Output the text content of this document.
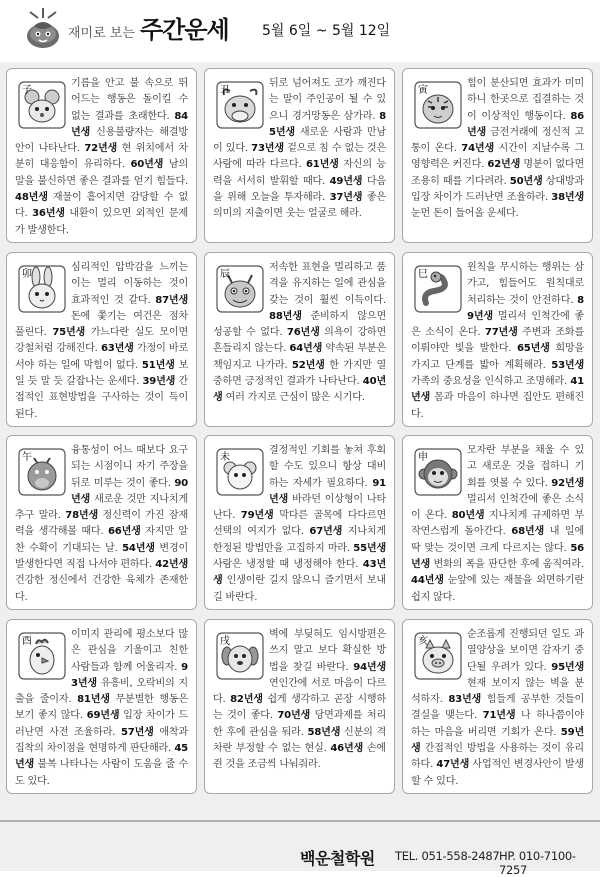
재미로 보는 주간운세 5월 6일 ~ 5월 12일
子
기름을 안고 불 속으로 뛰어드는 행동은 돌이킬 수 없는 결과를 초래한다. 84년생 신용불량자는 해결방안이 나타난다. 72년생 현 위치에서 차분히 대응함이 유리하다. 60년생 남의 말을 불신하면 좋은 결과를 얻기 힘들다. 48년생 재물이 흩어지면 감당할 수 없다. 36년생 내환이 있으면 외적인 문제가 발생한다.
丑
뒤로 넘어져도 코가 깨진다는 말이 주인공이 될 수 있으니 경거망동은 삼가라. 85년생 새로운 사람과 만남이 있다. 73년생 겉으로 침 수 없는 것은 사람에 따라 다르다. 61년생 자신의 능력을 서서히 발휘할 때다. 49년생 다음을 위해 오늘을 투자해라. 37년생 좋은 의미의 지출이면 웃는 얼굴로 해라.
寅
힘이 분산되면 효과가 미미하니 한곳으로 집결하는 것이 이상적인 행동이다. 86년생 금전거래에 정신적 고통이 온다. 74년생 시간이 지날수록 그 영향력은 커진다. 62년생 명분이 없다면 조용히 때를 기다려라. 50년생 상대방과 입장 차이가 드러난면 조율하라. 38년생 눈먼 돈이 들어올 운세다.
卯
심리적인 압박감을 느끼는 이는 멀리 이동하는 것이 효과적인 것 같다. 87년생 돈에 쫓기는 여건은 점차 풀린다. 75년생 가느다란 실도 모이면 강철처럼 강해진다. 63년생 가정이 바로서야 하는 일에 막힘이 없다. 51년생 보일 듯 말 듯 갈잡나는 운세다. 39년생 간접적인 표현방법을 구사하는 것이 득이 된다.
辰
저속한 표현을 멀리하고 품격을 유지하는 일에 관심을 갖는 것이 훨씬 이득이다. 88년생 준비하지 않으면 성공할 수 없다. 76년생 의욕이 강하면 흔들리지 않는다. 64년생 약속된 부분은 책임지고 나가라. 52년생 한 가지만 열중하면 긍정적인 결과가 나타난다. 40년생 여러 가지로 근심이 많은 시기다.
巳
윈칙을 무시하는 행위는 삼가고, 힘들어도 원칙대로 처리하는 것이 안전하다. 89년생 멀리서 인척간에 좋은 소식이 온다. 77년생 주변과 조화를 이뤄야만 빛을 발한다. 65년생 희망을 가지고 단계를 밟아 계획해라. 53년생 가족의 중요성을 인식하고 조명해라. 41년생 몸과 마음이 하나면 집안도 편해진다.
午
융통성이 어느 때보다 요구되는 시점이니 자기 주장을 뒤로 미루는 것이 좋다. 90년생 새로운 것만 지나치게 추구 말라. 78년생 정신력이 가진 잠재력을 생각해볼 때다. 66년생 자지만 알찬 수확이 기대되는 날. 54년생 변경이 발생한다면 직접 나서야 편하다. 42년생 건강한 정신에서 건강한 육체가 존재한다.
未
결정적인 기회를 놓쳐 후회할 수도 있으니 항상 대비하는 자세가 필요하다. 91년생 바라던 이상형이 나타난다. 79년생 막다른 골목에 다다르면 선택의 여지가 없다. 67년생 지나치게 한정된 방법만을 고집하지 마라. 55년생 사람은 냉정할 때 냉정해야 한다. 43년생 인생이란 길지 않으니 즐기면서 보내길 바란다.
申
모자란 부분을 채울 수 있고 새로운 것을 접하니 기회를 엿볼 수 있다. 92년생 멀리서 인척간에 좋은 소식이 온다. 80년생 지나치게 규제하면 부작연스럽게 돌아간다. 68년생 내 일에 딱 맞는 것이면 크게 다르지는 않다. 56년생 변화의 폭을 판단한 후에 움직여라. 44년생 눈앞에 있는 재물을 외면하기란 쉽지 않다.
酉
이미지 관리에 평소보다 많은 관심을 기울이고 친한 사람들과 함께 어울리자. 93년생 유흥비, 오락비의 지출을 줄이자. 81년생 무분별한 행동은 보기 좋지 않다. 69년생 입장 차이가 드러난면 사전 조율하라. 57년생 애착과 집착의 차이점을 현명하게 판단해라. 45년생 불복 나타나는 사람이 도움을 줄 수도 있다.
戌
벽에 부딪혀도 임시방편은 쓰지 말고 보다 확실한 방법을 찾길 바란다. 94년생 연인간에 서로 마음이 다르다. 82년생 쉽게 생각하고 곧장 시행하는 것이 좋다. 70년생 당면과제를 처리한 후에 관심을 둬라. 58년생 신분의 격차란 부정할 수 없는 현실. 46년생 손에 쥔 것을 조금씩 나눠줘라.
亥
순조롭게 진행되던 일도 과열양상을 보이면 감자기 중단될 우려가 있다. 95년생 현재 보이지 않는 벽을 분석하자. 83년생 힘들게 공부한 것들이 결실을 맺는다. 71년생 나 하나쯤이야 하는 마음을 버리면 기회가 온다. 59년생 간접적인 방법을 사용하는 것이 유리하다. 47년생 사업적인 변경사안이 발생할 수 있다.
백운철학원 TEL. 051-558-2487 HP. 010-7100-7257
